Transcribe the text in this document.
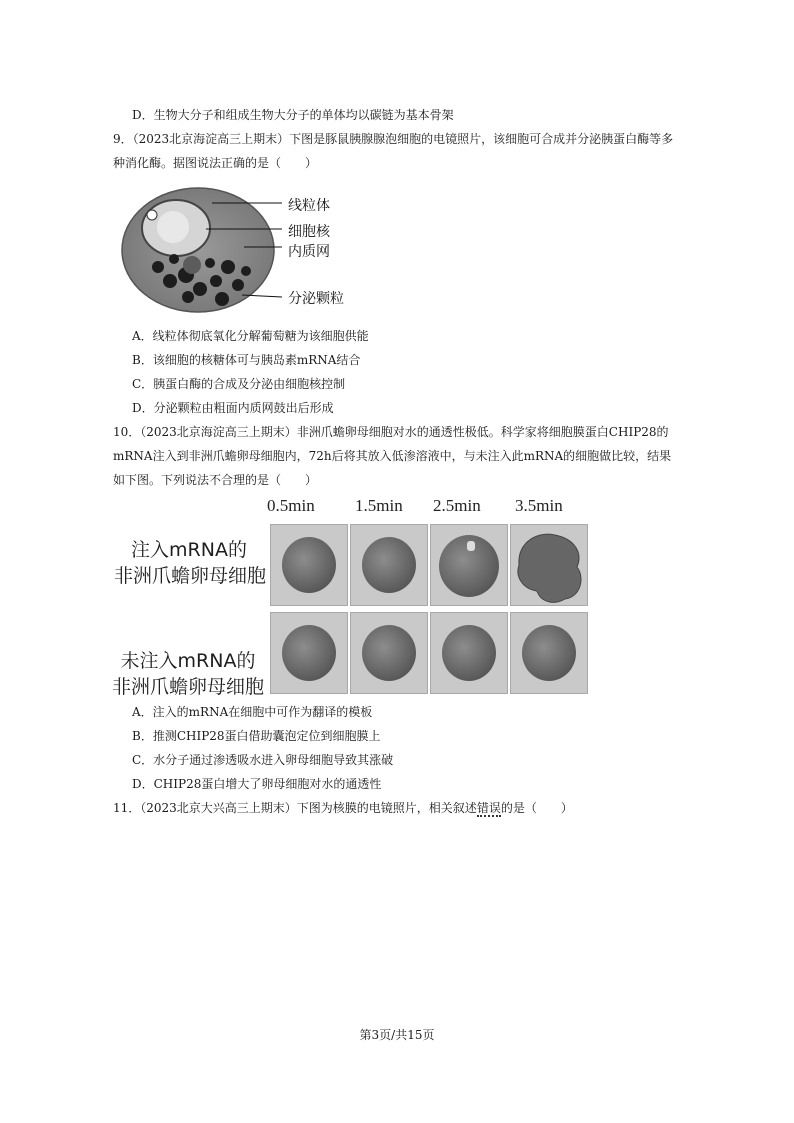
D．生物大分子和组成生物大分子的单体均以碳链为基本骨架
9．（2023北京海淀高三上期末）下图是豚鼠胰腺腺泡细胞的电镜照片，该细胞可合成并分泌胰蛋白酶等多
种消化酶。据图说法正确的是（　　）
线粒体
细胞核
内质网
分泌颗粒
A．线粒体彻底氧化分解葡萄糖为该细胞供能
B．该细胞的核糖体可与胰岛素mRNA结合
C．胰蛋白酶的合成及分泌由细胞核控制
D．分泌颗粒由粗面内质网鼓出后形成
10．（2023北京海淀高三上期末）非洲爪蟾卵母细胞对水的通透性极低。科学家将细胞膜蛋白CHIP28的
mRNA注入到非洲爪蟾卵母细胞内，72h后将其放入低渗溶液中，与未注入此mRNA的细胞做比较，结果
如下图。下列说法不合理的是（　　）
0.5min 1.5min 2.5min 3.5min
注入mRNA的
非洲爪蟾卵母细胞
未注入mRNA的
非洲爪蟾卵母细胞
A．注入的mRNA在细胞中可作为翻译的模板
B．推测CHIP28蛋白借助囊泡定位到细胞膜上
C．水分子通过渗透吸水进入卵母细胞导致其涨破
D．CHIP28蛋白增大了卵母细胞对水的通透性
11．（2023北京大兴高三上期末）下图为核膜的电镜照片，相关叙述错误的是（　　）
第3页/共15页
